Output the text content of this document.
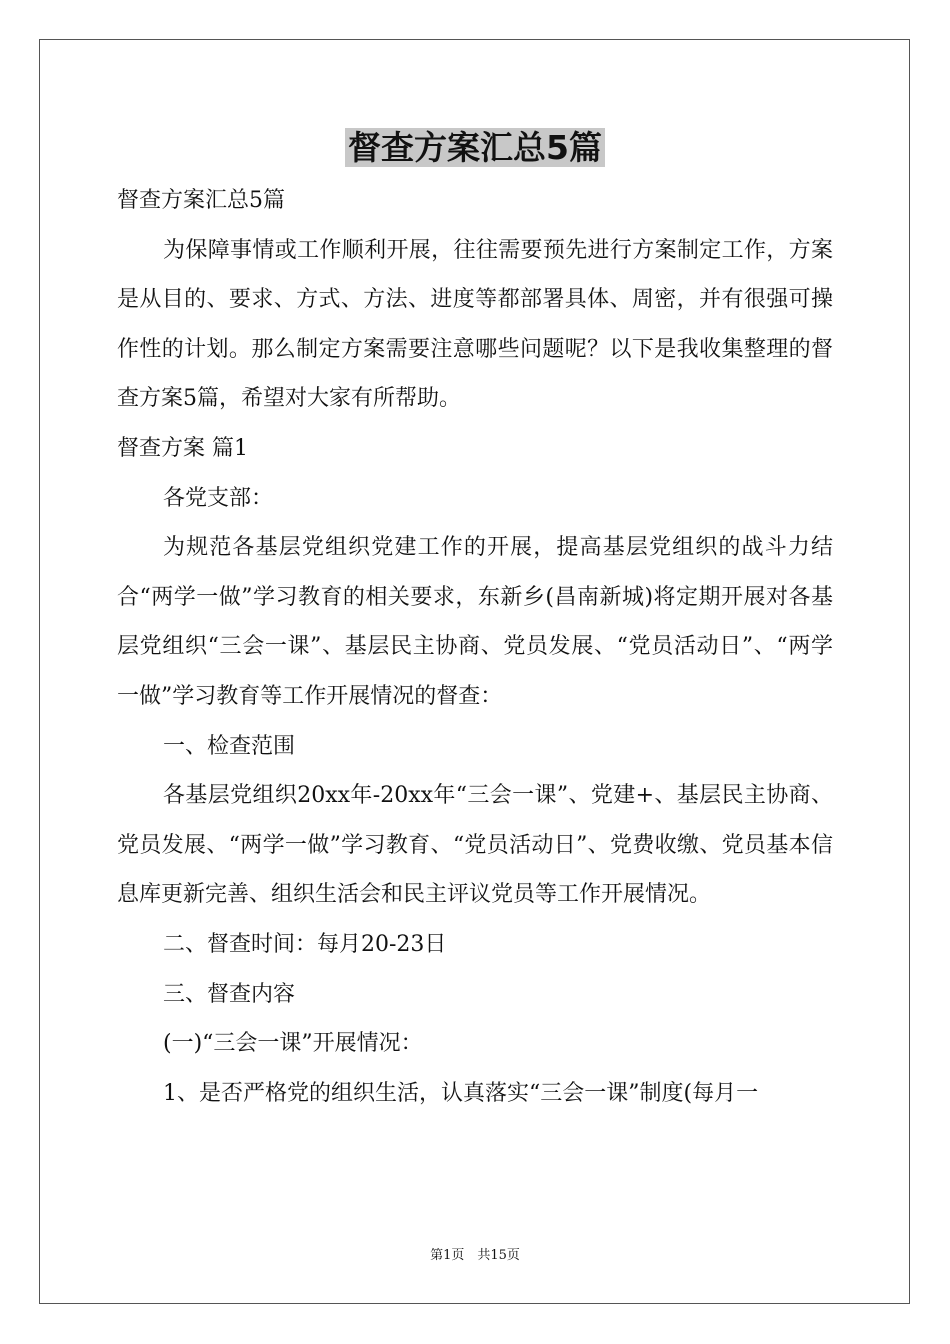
督查方案汇总5篇

督查方案汇总5篇

为保障事情或工作顺利开展，往往需要预先进行方案制定工作，方案是从目的、要求、方式、方法、进度等都部署具体、周密，并有很强可操作性的计划。那么制定方案需要注意哪些问题呢？以下是我收集整理的督查方案5篇，希望对大家有所帮助。

督查方案 篇1

各党支部：

为规范各基层党组织党建工作的开展，提高基层党组织的战斗力结合“两学一做”学习教育的相关要求，东新乡(昌南新城)将定期开展对各基层党组织“三会一课”、基层民主协商、党员发展、“党员活动日”、“两学一做”学习教育等工作开展情况的督查：

一、检查范围

各基层党组织20xx年-20xx年“三会一课”、党建+、基层民主协商、党员发展、“两学一做”学习教育、“党员活动日”、党费收缴、党员基本信息库更新完善、组织生活会和民主评议党员等工作开展情况。

二、督查时间：每月20-23日

三、督查内容

(一)“三会一课”开展情况：

1、是否严格党的组织生活，认真落实“三会一课”制度(每月一

第1页　共15页
